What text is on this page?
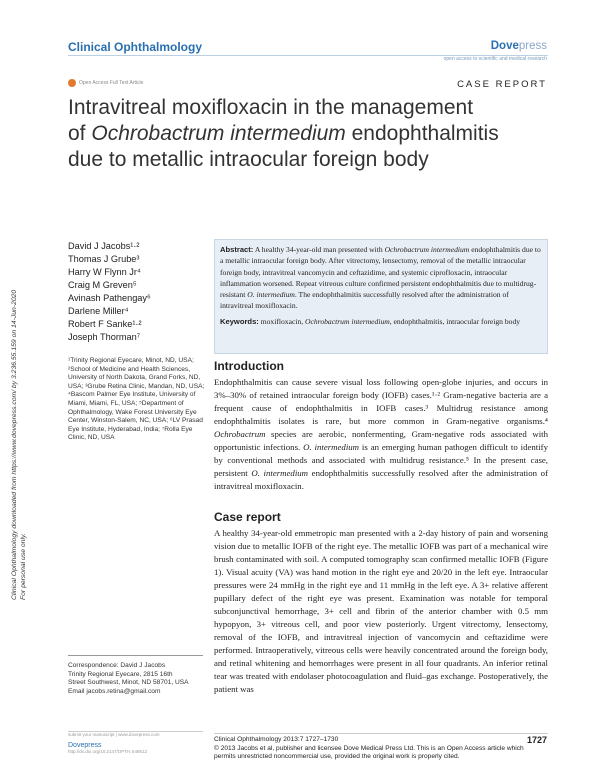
Clinical Ophthalmology	Dovepress
open access to scientific and medical research
Open Access Full Text Article	CASE REPORT
Intravitreal moxifloxacin in the management
of Ochrobactrum intermedium endophthalmitis
due to metallic intraocular foreign body
Clinical Ophthalmology downloaded from https://www.dovepress.com/ by 3.236.55.159 on 14-Jun-2020 For personal use only.
David J Jacobs¹·²
Thomas J Grube³
Harry W Flynn Jr⁴
Craig M Greven⁵
Avinash Pathengay⁶
Darlene Miller⁴
Robert F Sanke¹·²
Joseph Thorman⁷
¹Trinity Regional Eyecare, Minot, ND, USA; ²School of Medicine and Health Sciences, University of North Dakota, Grand Forks, ND, USA; ³Grube Retina Clinic, Mandan, ND, USA; ⁴Bascom Palmer Eye Institute, University of Miami, Miami, FL, USA; ⁵Department of Ophthalmology, Wake Forest University Eye Center, Winston-Salem, NC, USA; ⁶LV Prasad Eye Institute, Hyderabad, India; ⁷Rolla Eye Clinic, ND, USA
Correspondence: David J Jacobs
Trinity Regional Eyecare, 2815 16th
Street Southwest, Minot, ND 58701, USA
Email jacobs.retina@gmail.com
Abstract: A healthy 34-year-old man presented with Ochrobactrum intermedium endophthalmitis due to a metallic intraocular foreign body. After vitrectomy, lensectomy, removal of the metallic intraocular foreign body, intravitreal vancomycin and ceftazidime, and systemic ciprofloxacin, intraocular inflammation worsened. Repeat vitreous culture confirmed persistent endophthalmitis due to multidrug-resistant O. intermedium. The endophthalmitis successfully resolved after the administration of intravitreal moxifloxacin.
Keywords: moxifloxacin, Ochrobactrum intermedium, endophthalmitis, intraocular foreign body
Introduction
Endophthalmitis can cause severe visual loss following open-globe injuries, and occurs in 3%–30% of retained intraocular foreign body (IOFB) cases.¹·² Gram-negative bacteria are a frequent cause of endophthalmitis in IOFB cases.³ Multidrug resistance among endophthalmitis isolates is rare, but more common in Gram-negative organisms.⁴ Ochrobactrum species are aerobic, nonfermenting, Gram-negative rods associated with opportunistic infections. O. intermedium is an emerging human pathogen difficult to identify by conventional methods and associated with multidrug resistance.⁵ In the present case, persistent O. intermedium endophthalmitis successfully resolved after the administration of intravitreal moxifloxacin.
Case report
A healthy 34-year-old emmetropic man presented with a 2-day history of pain and worsening vision due to metallic IOFB of the right eye. The metallic IOFB was part of a mechanical wire brush contaminated with soil. A computed tomography scan confirmed metallic IOFB (Figure 1). Visual acuity (VA) was hand motion in the right eye and 20/20 in the left eye. Intraocular pressures were 24 mmHg in the right eye and 11 mmHg in the left eye. A 3+ relative afferent pupillary defect of the right eye was present. Examination was notable for temporal subconjunctival hemorrhage, 3+ cell and fibrin of the anterior chamber with 0.5 mm hypopyon, 3+ vitreous cell, and poor view posteriorly. Urgent vitrectomy, lensectomy, removal of the IOFB, and intravitreal injection of vancomycin and ceftazidime were performed. Intraoperatively, vitreous cells were heavily concentrated around the foreign body, and retinal whitening and hemorrhages were present in all four quadrants. An inferior retinal tear was treated with endolaser photocoagulation and fluid–gas exchange. Postoperatively, the patient was
submit your manuscript | www.dovepress.com
Dovepress
http://dx.doi.org/10.2147/OPTH.S49512
Clinical Ophthalmology 2013:7 1727–1730
© 2013 Jacobs et al, publisher and licensee Dove Medical Press Ltd. This is an Open Access article which permits unrestricted noncommercial use, provided the original work is properly cited.
1727
